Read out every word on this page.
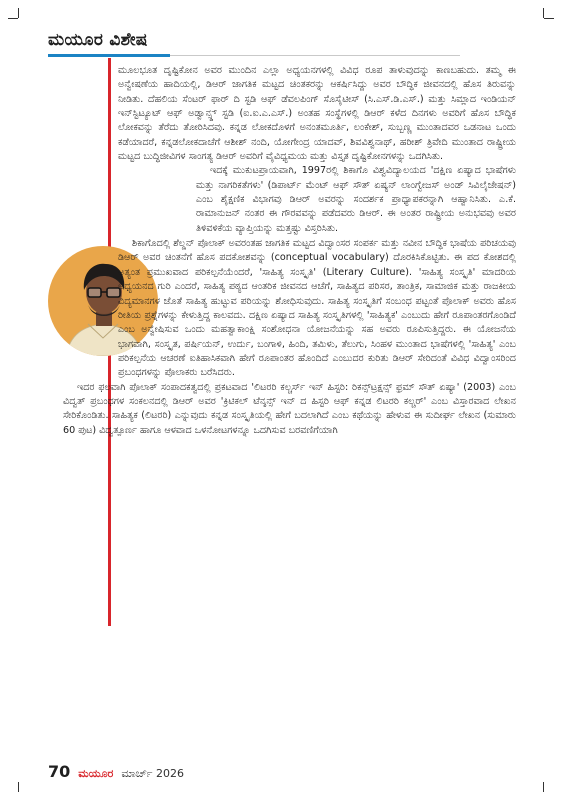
ಮಯೂರ ವಿಶೇಷ

ಮೂಲಭೂತ ದೃಷ್ಟಿಕೋನ ಅವರ ಮುಂದಿನ ಎಲ್ಲಾ ಅಧ್ಯಯನಗಳಲ್ಲಿ ವಿವಿಧ ರೂಪ ತಾಳುವುದನ್ನು ಕಾಣಬಹುದು. ತಮ್ಮ ಈ ಅನ್ವೇಷಣೆಯ ಹಾದಿಯಲ್ಲಿ, ಡಿಆರ್ ಜಾಗತಿಕ ಮಟ್ಟದ ಚಿಂತಕರನ್ನು ಆಕರ್ಷಿಸಿದ್ದು ಅವರ ಬೌದ್ಧಿಕ ಜೀವನದಲ್ಲಿ ಹೊಸ ತಿರುವನ್ನು ನೀಡಿತು. ದೆಹಲಿಯ ಸೆಂಟರ್ ಫಾರ್ ದಿ ಸ್ಟಡಿ ಆಫ್ ಡೆವಲಪಿಂಗ್ ಸೊಸೈಟೀಸ್ (ಸಿ.ಎಸ್.ಡಿ.ಎಸ್.) ಮತ್ತು ಸಿಮ್ಲಾದ ಇಂಡಿಯನ್ ಇನ್‌ಸ್ಟಿಟ್ಯೂಟ್ ಆಫ್ ಅಡ್ವಾನ್ಸ್ಡ್ ಸ್ಟಡಿ (ಐ.ಐ.ಎ.ಎಸ್.) ಅಂತಹ ಸಂಸ್ಥೆಗಳಲ್ಲಿ ಡಿಆರ್ ಕಳೆದ ದಿನಗಳು ಅವರಿಗೆ ಹೊಸ ಬೌದ್ಧಿಕ ಲೋಕವನ್ನು ತೆರೆದು ತೋರಿಸಿದವು. ಕನ್ನಡ ಲೋಕದೊಳಗೆ ಅನಂತಮೂರ್ತಿ, ಲಂಕೇಶ್, ಸುಬ್ಬಣ್ಣ ಮುಂತಾದವರ ಒಡನಾಟ ಒಂದು ಕಡೆಯಾದರೆ, ಕನ್ನಡಲೋಕದಾಚೆಗೆ ಆಶೀಶ್ ನಂದಿ, ಯೋಗೇಂದ್ರ ಯಾದವ್, ಶಿವವಿಶ್ವನಾಥ್, ಹರೀಶ್ ತ್ರಿವೇದಿ ಮುಂತಾದ ರಾಷ್ಟ್ರೀಯ ಮಟ್ಟದ ಬುದ್ಧಿಜೀವಿಗಳ ಸಾಂಗತ್ಯ ಡಿಆರ್ ಅವರಿಗೆ ವೈವಿಧ್ಯಮಯ ಮತ್ತು ವಿಸ್ತೃತ ದೃಷ್ಟಿಕೋನಗಳನ್ನು ಒದಗಿಸಿತು.

ಇದಕ್ಕೆ ಮುಕುಟಪ್ರಾಯವಾಗಿ, 1997ರಲ್ಲಿ ಶಿಕಾಗೊ ವಿಶ್ವವಿದ್ಯಾಲಯದ 'ದಕ್ಷಿಣ ಏಷ್ಯಾದ ಭಾಷೆಗಳು ಮತ್ತು ನಾಗರಿಕತೆಗಳು' (ಡಿಪಾರ್ಟ್ ಮೆಂಟ್ ಆಫ್ ಸೌತ್ ಏಷ್ಯನ್ ಲಾಂಗ್ವೇಜಸ್ ಅಂಡ್ ಸಿವಿಲೈಜೇಷನ್) ಎಂಬ ಶೈಕ್ಷಣಿಕ ವಿಭಾಗವು ಡಿಆರ್ ಅವರನ್ನು ಸಂದರ್ಶಕ ಪ್ರಾಧ್ಯಾಪಕರನ್ನಾಗಿ ಆಹ್ವಾನಿಸಿತು. ಎ.ಕೆ. ರಾಮಾನುಜನ್ ನಂತರ ಈ ಗೌರವವನ್ನು ಪಡೆದವರು ಡಿಆರ್. ಈ ಅಂತರ ರಾಷ್ಟ್ರೀಯ ಅನುಭವವು ಅವರ ತಿಳಿವಳಿಕೆಯ ವ್ಯಾಪ್ತಿಯನ್ನು ಮತ್ತಷ್ಟು ವಿಸ್ತರಿಸಿತು.

ಶಿಕಾಗೊದಲ್ಲಿ ಶೆಲ್ಡನ್ ಪೊಲಾಕ್ ಅವರಂತಹ ಜಾಗತಿಕ ಮಟ್ಟದ ವಿದ್ವಾಂಸರ ಸಂಪರ್ಕ ಮತ್ತು ನವೀನ ಬೌದ್ಧಿಕ ಭಾಷೆಯ ಪರಿಚಯವು ಡಿಆರ್ ಅವರ ಚಿಂತನೆಗೆ ಹೊಸ ಪದಕೋಶವನ್ನು (conceptual vocabulary) ದೊರಕಿಸಿಕೊಟ್ಟಿತು. ಈ ಪದ ಕೋಶದಲ್ಲಿ ಅತ್ಯಂತ ಪ್ರಮುಖವಾದ ಪರಿಕಲ್ಪನೆಯೆಂದರೆ, 'ಸಾಹಿತ್ಯ ಸಂಸ್ಕೃತಿ' (Literary Culture). 'ಸಾಹಿತ್ಯ ಸಂಸ್ಕೃತಿ' ಮಾದರಿಯ ಅಧ್ಯಯನದ ಗುರಿ ಎಂದರೆ, ಸಾಹಿತ್ಯ ಪಠ್ಯದ ಆಂತರಿಕ ಜೀವನದ ಆಚೆಗೆ, ಸಾಹಿತ್ಯದ ಪರಿಸರ, ತಾಂತ್ರಿಕ, ಸಾಮಾಜಿಕ ಮತ್ತು ರಾಜಕೀಯ ವಿದ್ಯಮಾನಗಳ ಜೊತೆ ಸಾಹಿತ್ಯ ಹುಟ್ಟುವ ಪರಿಯನ್ನು ಶೋಧಿಸುವುದು. ಸಾಹಿತ್ಯ ಸಂಸ್ಕೃತಿಗೆ ಸಂಬಂಧ ಪಟ್ಟಂತೆ ಪೊಲಾಕ್ ಅವರು ಹೊಸ ರೀತಿಯ ಪ್ರಶ್ನೆಗಳನ್ನು ಕೇಳುತ್ತಿದ್ದ ಕಾಲವದು. ದಕ್ಷಿಣ ಏಷ್ಯಾದ ಸಾಹಿತ್ಯ ಸಂಸ್ಕೃತಿಗಳಲ್ಲಿ 'ಸಾಹಿತ್ಯಕ' ಎಂಬುದು ಹೇಗೆ ರೂಪಾಂತರಗೊಂಡಿದೆ ಎಂಬ ಅನ್ವೇಷಿಸುವ ಒಂದು ಮಹತ್ವಾಕಾಂಕ್ಷಿ ಸಂಶೋಧನಾ ಯೋಜನೆಯನ್ನು ಸಹ ಅವರು ರೂಪಿಸುತ್ತಿದ್ದರು. ಈ ಯೋಜನೆಯ ಭಾಗವಾಗಿ, ಸಂಸ್ಕೃತ, ಪರ್ಷಿಯನ್, ಉರ್ದು, ಬಂಗಾಳಿ, ಹಿಂದಿ, ತಮಿಳು, ತೆಲುಗು, ಸಿಂಹಳ ಮುಂತಾದ ಭಾಷೆಗಳಲ್ಲಿ 'ಸಾಹಿತ್ಯ' ಎಂಬ ಪರಿಕಲ್ಪನೆಯ ಆಚರಣೆ ಐತಿಹಾಸಿಕವಾಗಿ ಹೇಗೆ ರೂಪಾಂತರ ಹೊಂದಿದೆ ಎಂಬುದರ ಕುರಿತು ಡಿಆರ್ ಸೇರಿದಂತೆ ವಿವಿಧ ವಿದ್ವಾಂಸರಿಂದ ಪ್ರಬಂಧಗಳನ್ನು ಪೊಲಾಕರು ಬರೆಸಿದರು.

ಇದರ ಫಲವಾಗಿ ಪೊಲಾಕ್ ಸಂಪಾದಕತ್ವದಲ್ಲಿ ಪ್ರಕಟವಾದ 'ಲಿಟರರಿ ಕಲ್ಚರ್ಸ್ ಇನ್ ಹಿಸ್ಟರಿ: ರಿಕನ್ಸ್‌ಟ್ರಕ್ಷನ್ಸ್ ಫ್ರಮ್ ಸೌತ್ ಏಷ್ಯಾ' (2003) ಎಂಬ ವಿದ್ವತ್ ಪ್ರಬಂಧಗಳ ಸಂಕಲನದಲ್ಲಿ ಡಿಆರ್ ಅವರ 'ಕ್ರಿಟಿಕಲ್ ಟೆನ್ಶನ್ಸ್ ಇನ್ ದ ಹಿಸ್ಟರಿ ಆಫ್ ಕನ್ನಡ ಲಿಟರರಿ ಕಲ್ಚರ್' ಎಂಬ ವಿಸ್ತಾರವಾದ ಲೇಖನ ಸೇರಿಕೊಂಡಿತು. ಸಾಹಿತ್ಯಕ (ಲಿಟರರಿ) ಎನ್ನುವುದು ಕನ್ನಡ ಸಂಸ್ಕೃತಿಯಲ್ಲಿ ಹೇಗೆ ಬದಲಾಗಿದೆ ಎಂಬ ಕಥೆಯನ್ನು ಹೇಳುವ ಈ ಸುದೀರ್ಘ ಲೇಖನ (ಸುಮಾರು 60 ಪುಟ) ವಿದ್ವತ್ಪೂರ್ಣ ಹಾಗೂ ಆಳವಾದ ಒಳನೋಟಗಳನ್ನೂ ಒದಗಿಸುವ ಬರವಣಿಗೆಯಾಗಿ

70 ಮಯೂರ ಮಾರ್ಚ್ 2026
